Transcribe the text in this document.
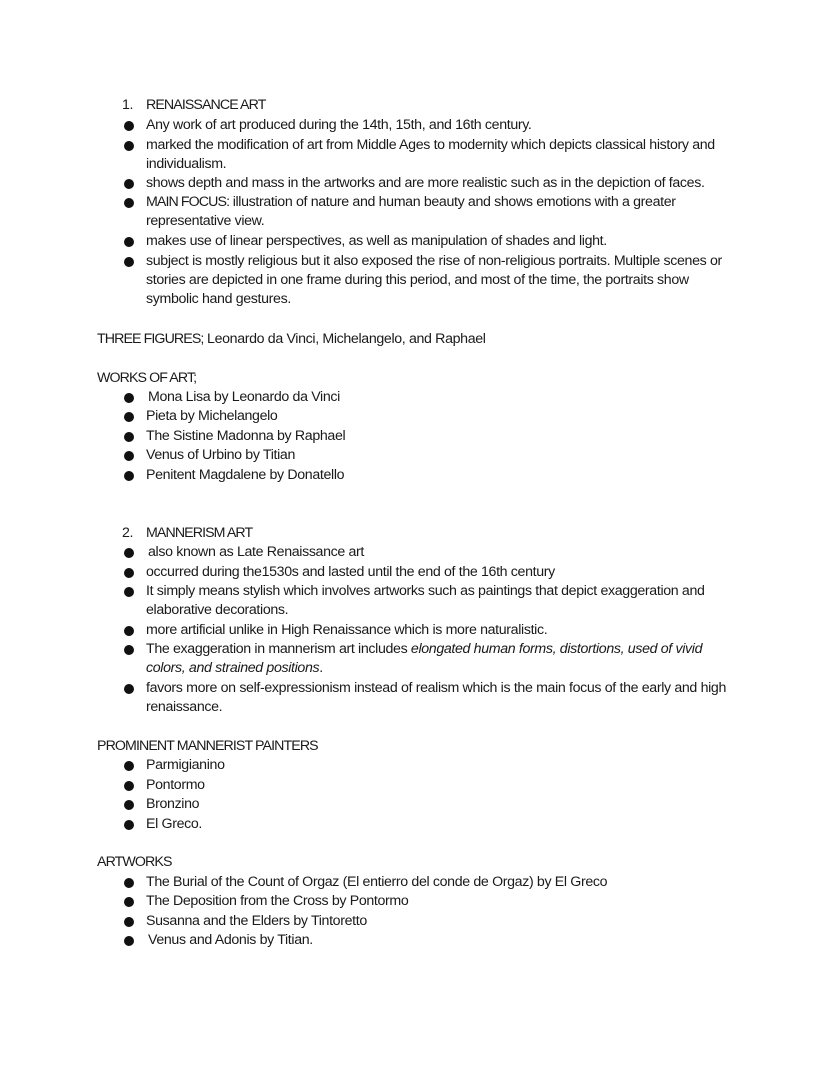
1. RENAISSANCE ART
Any work of art produced during the 14th, 15th, and 16th century.
marked the modification of art from Middle Ages to modernity which depicts classical history and individualism.
shows depth and mass in the artworks and are more realistic such as in the depiction of faces.
MAIN FOCUS: illustration of nature and human beauty and shows emotions with a greater representative view.
makes use of linear perspectives, as well as manipulation of shades and light.
subject is mostly religious but it also exposed the rise of non-religious portraits. Multiple scenes or stories are depicted in one frame during this period, and most of the time, the portraits show symbolic hand gestures.
THREE FIGURES; Leonardo da Vinci, Michelangelo, and Raphael
WORKS OF ART;
Mona Lisa by Leonardo da Vinci
Pieta by Michelangelo
The Sistine Madonna by Raphael
Venus of Urbino by Titian
Penitent Magdalene by Donatello
2. MANNERISM ART
also known as Late Renaissance art
occurred during the1530s and lasted until the end of the 16th century
It simply means stylish which involves artworks such as paintings that depict exaggeration and elaborative decorations.
more artificial unlike in High Renaissance which is more naturalistic.
The exaggeration in mannerism art includes elongated human forms, distortions, used of vivid colors, and strained positions.
favors more on self-expressionism instead of realism which is the main focus of the early and high renaissance.
PROMINENT MANNERIST PAINTERS
Parmigianino
Pontormo
Bronzino
El Greco.
ARTWORKS
The Burial of the Count of Orgaz (El entierro del conde de Orgaz) by El Greco
The Deposition from the Cross by Pontormo
Susanna and the Elders by Tintoretto
Venus and Adonis by Titian.
